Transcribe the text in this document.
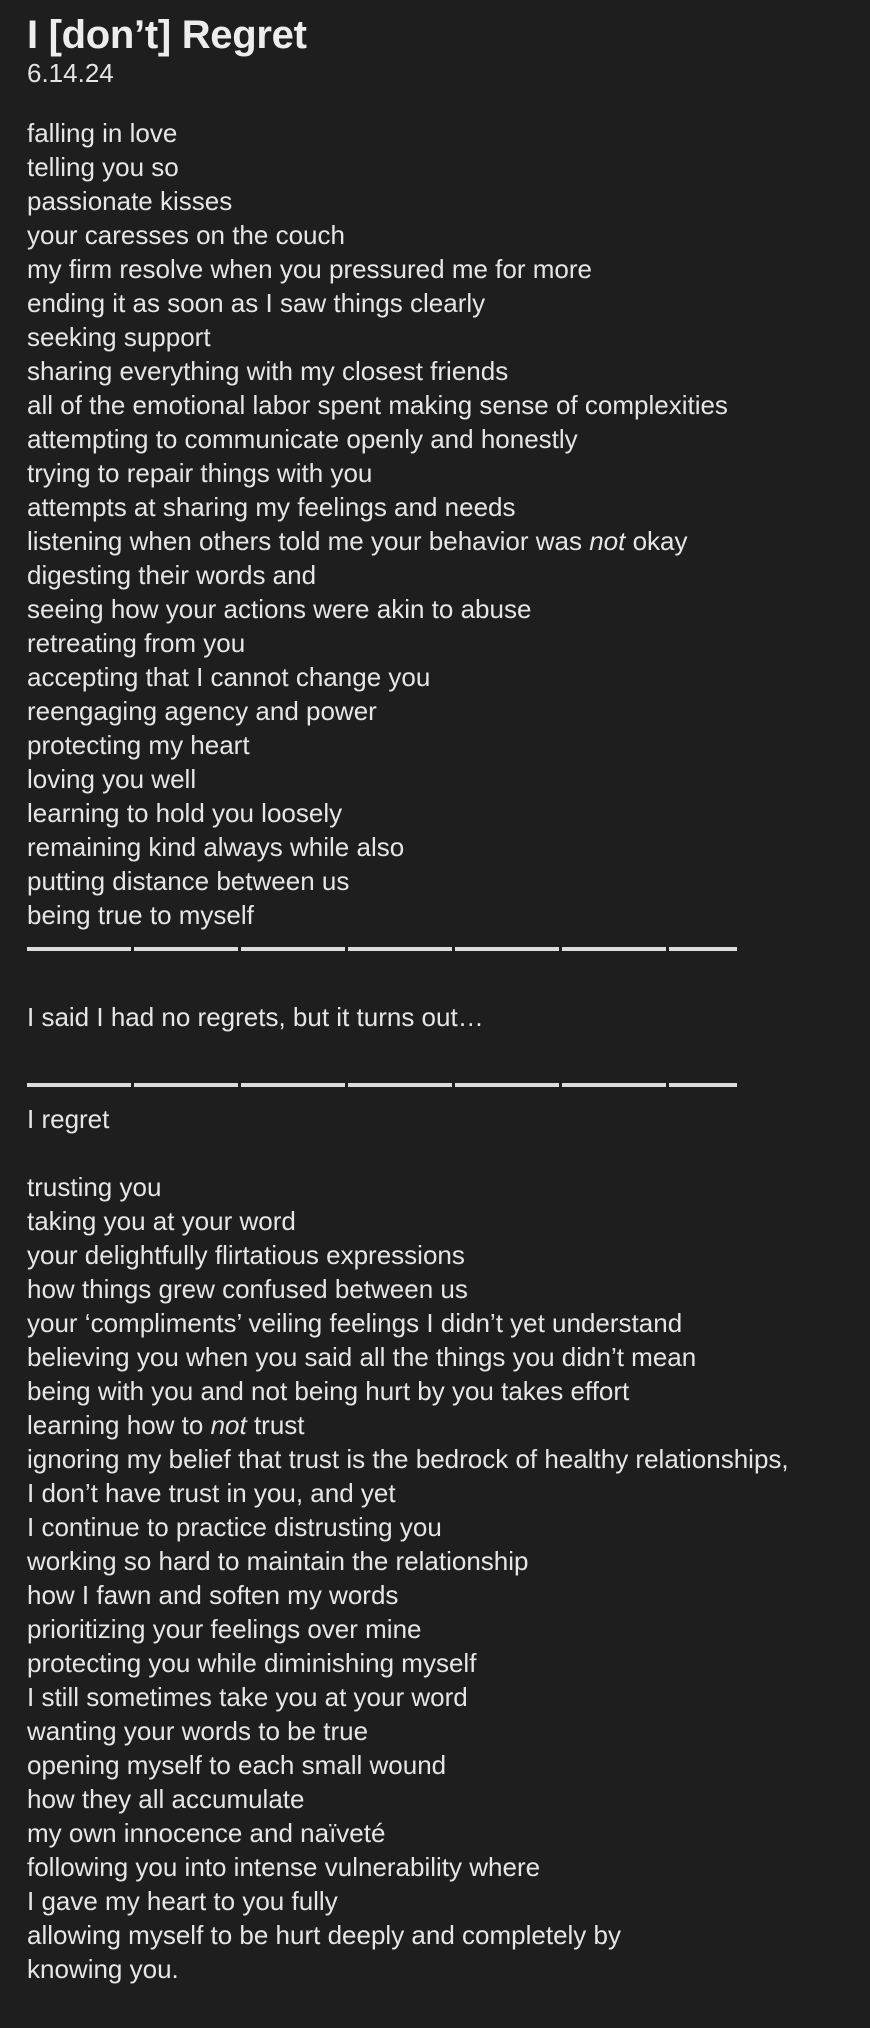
I [don’t] Regret
6.14.24
falling in love
telling you so
passionate kisses
your caresses on the couch
my firm resolve when you pressured me for more
ending it as soon as I saw things clearly
seeking support
sharing everything with my closest friends
all of the emotional labor spent making sense of complexities
attempting to communicate openly and honestly
trying to repair things with you
attempts at sharing my feelings and needs
listening when others told me your behavior was not okay
digesting their words and
seeing how your actions were akin to abuse
retreating from you
accepting that I cannot change you
reengaging agency and power
protecting my heart
loving you well
learning to hold you loosely
remaining kind always while also
putting distance between us
being true to myself
I said I had no regrets, but it turns out…
I regret
trusting you
taking you at your word
your delightfully flirtatious expressions
how things grew confused between us
your ‘compliments’ veiling feelings I didn’t yet understand
believing you when you said all the things you didn’t mean
being with you and not being hurt by you takes effort
learning how to not trust
ignoring my belief that trust is the bedrock of healthy relationships,
I don’t have trust in you, and yet
I continue to practice distrusting you
working so hard to maintain the relationship
how I fawn and soften my words
prioritizing your feelings over mine
protecting you while diminishing myself
I still sometimes take you at your word
wanting your words to be true
opening myself to each small wound
how they all accumulate
my own innocence and naïveté
following you into intense vulnerability where
I gave my heart to you fully
allowing myself to be hurt deeply and completely by
knowing you.
